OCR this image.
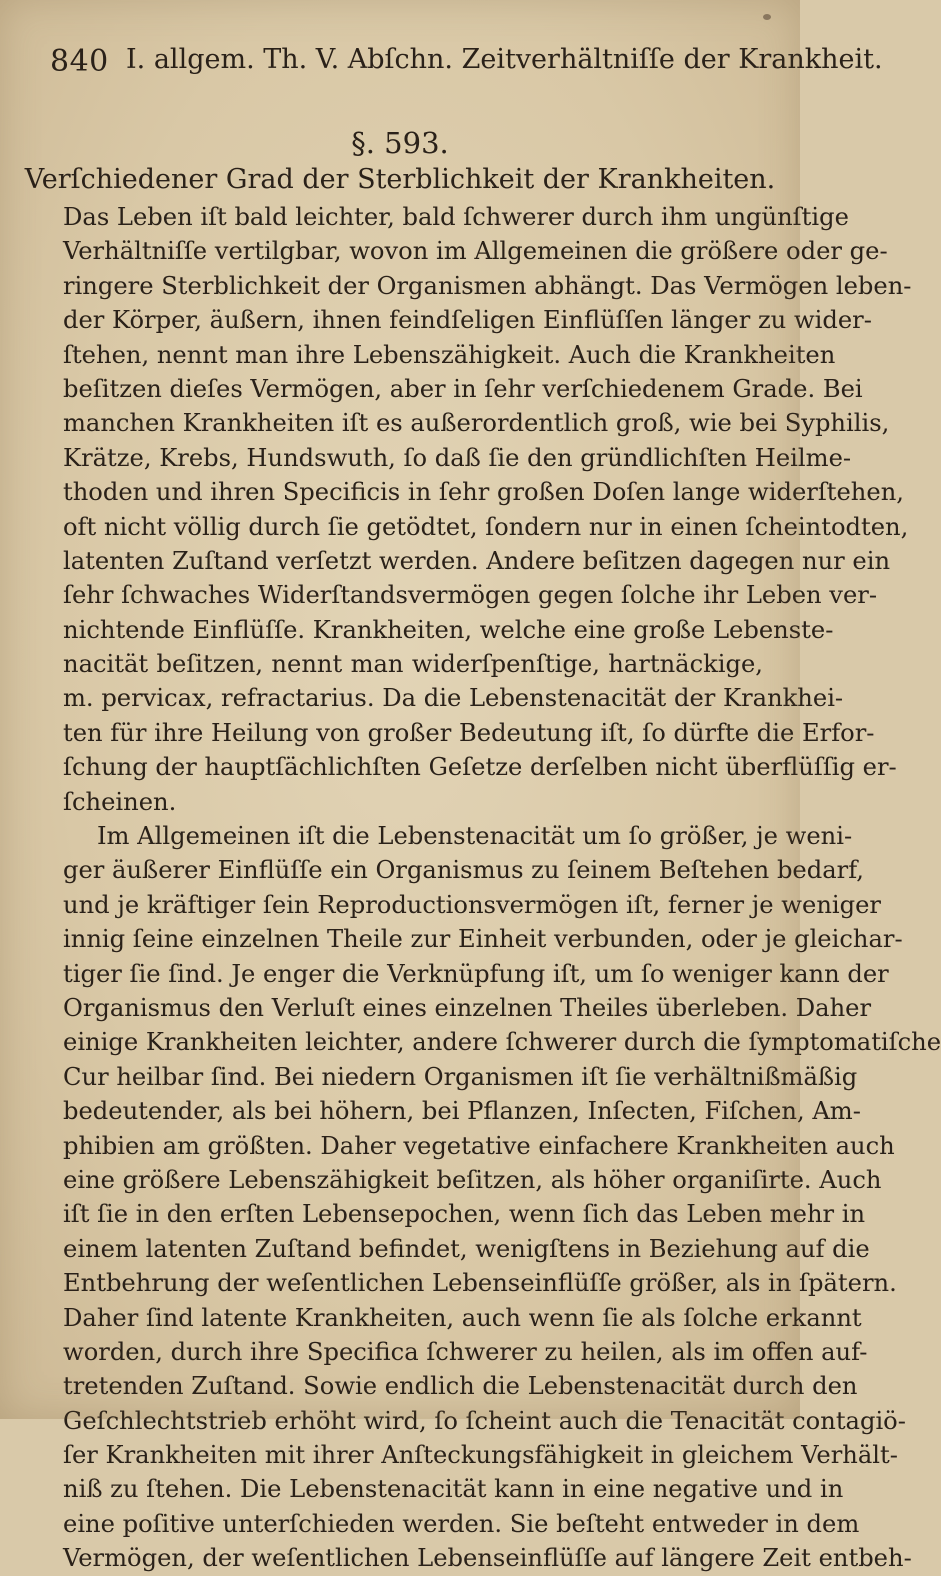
840 I. allgem. Th. V. Abſchn. Zeitverhältniſſe der Krankheit.
§. 593.
Verſchiedener Grad der Sterblichkeit der Krankheiten.
Das Leben iſt bald leichter, bald ſchwerer durch ihm ungünſtige
Verhältniſſe vertilgbar, wovon im Allgemeinen die größere oder ge-
ringere Sterblichkeit der Organismen abhängt. Das Vermögen leben-
der Körper, äußern, ihnen feindſeligen Einflüſſen länger zu wider-
ſtehen, nennt man ihre Lebenszähigkeit. Auch die Krankheiten
beſitzen dieſes Vermögen, aber in ſehr verſchiedenem Grade. Bei
manchen Krankheiten iſt es außerordentlich groß, wie bei Syphilis,
Krätze, Krebs, Hundswuth, ſo daß ſie den gründlichſten Heilme-
thoden und ihren Specificis in ſehr großen Doſen lange widerſtehen,
oft nicht völlig durch ſie getödtet, ſondern nur in einen ſcheintodten,
latenten Zuſtand verſetzt werden. Andere beſitzen dagegen nur ein
ſehr ſchwaches Widerſtandsvermögen gegen ſolche ihr Leben ver-
nichtende Einflüſſe. Krankheiten, welche eine große Lebenste-
nacität beſitzen, nennt man widerſpenſtige, hartnäckige,
m. pervicax, refractarius. Da die Lebenstenacität der Krankhei-
ten für ihre Heilung von großer Bedeutung iſt, ſo dürfte die Erfor-
ſchung der hauptſächlichſten Geſetze derſelben nicht überflüſſig er-
ſcheinen.
Im Allgemeinen iſt die Lebenstenacität um ſo größer, je weni-
ger äußerer Einflüſſe ein Organismus zu ſeinem Beſtehen bedarf,
und je kräftiger ſein Reproductionsvermögen iſt, ferner je weniger
innig ſeine einzelnen Theile zur Einheit verbunden, oder je gleichar-
tiger ſie ſind. Je enger die Verknüpfung iſt, um ſo weniger kann der
Organismus den Verluſt eines einzelnen Theiles überleben. Daher
einige Krankheiten leichter, andere ſchwerer durch die ſymptomatiſche
Cur heilbar ſind. Bei niedern Organismen iſt ſie verhältnißmäßig
bedeutender, als bei höhern, bei Pflanzen, Inſecten, Fiſchen, Am-
phibien am größten. Daher vegetative einfachere Krankheiten auch
eine größere Lebenszähigkeit beſitzen, als höher organiſirte. Auch
iſt ſie in den erſten Lebensepochen, wenn ſich das Leben mehr in
einem latenten Zuſtand befindet, wenigſtens in Beziehung auf die
Entbehrung der weſentlichen Lebenseinflüſſe größer, als in ſpätern.
Daher ſind latente Krankheiten, auch wenn ſie als ſolche erkannt
worden, durch ihre Specifica ſchwerer zu heilen, als im offen auf-
tretenden Zuſtand. Sowie endlich die Lebenstenacität durch den
Geſchlechtstrieb erhöht wird, ſo ſcheint auch die Tenacität contagiö-
ſer Krankheiten mit ihrer Anſteckungsfähigkeit in gleichem Verhält-
niß zu ſtehen. Die Lebenstenacität kann in eine negative und in
eine poſitive unterſchieden werden. Sie beſteht entweder in dem
Vermögen, der weſentlichen Lebenseinflüſſe auf längere Zeit entbeh-
